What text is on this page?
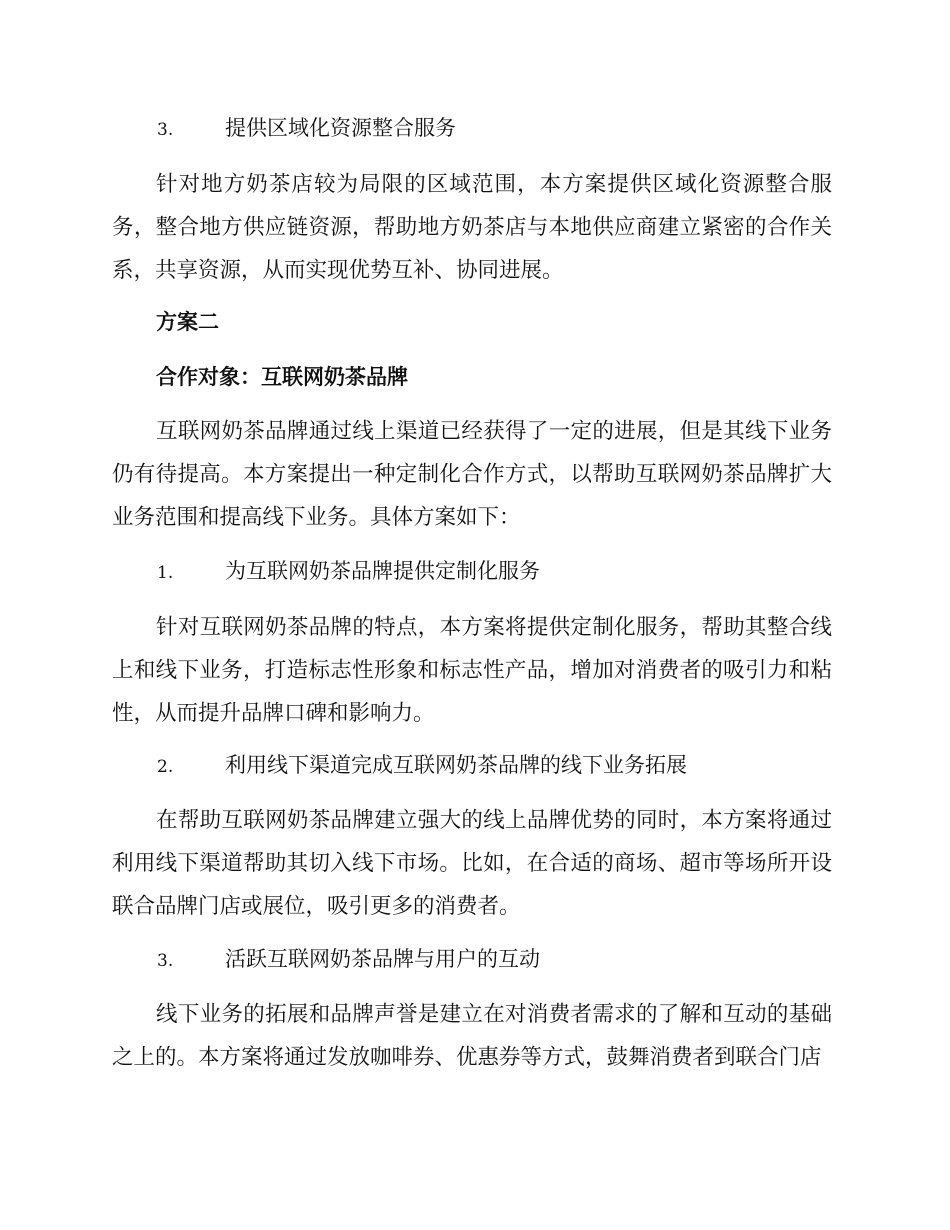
3. 提供区域化资源整合服务

针对地方奶茶店较为局限的区域范围，本方案提供区域化资源整合服务，整合地方供应链资源，帮助地方奶茶店与本地供应商建立紧密的合作关系，共享资源，从而实现优势互补、协同进展。

方案二
合作对象：互联网奶茶品牌

互联网奶茶品牌通过线上渠道已经获得了一定的进展，但是其线下业务仍有待提高。本方案提出一种定制化合作方式，以帮助互联网奶茶品牌扩大业务范围和提高线下业务。具体方案如下：

1. 为互联网奶茶品牌提供定制化服务

针对互联网奶茶品牌的特点，本方案将提供定制化服务，帮助其整合线上和线下业务，打造标志性形象和标志性产品，增加对消费者的吸引力和粘性，从而提升品牌口碑和影响力。

2. 利用线下渠道完成互联网奶茶品牌的线下业务拓展

在帮助互联网奶茶品牌建立强大的线上品牌优势的同时，本方案将通过利用线下渠道帮助其切入线下市场。比如，在合适的商场、超市等场所开设联合品牌门店或展位，吸引更多的消费者。

3. 活跃互联网奶茶品牌与用户的互动

线下业务的拓展和品牌声誉是建立在对消费者需求的了解和互动的基础之上的。本方案将通过发放咖啡券、优惠券等方式，鼓舞消费者到联合门店
